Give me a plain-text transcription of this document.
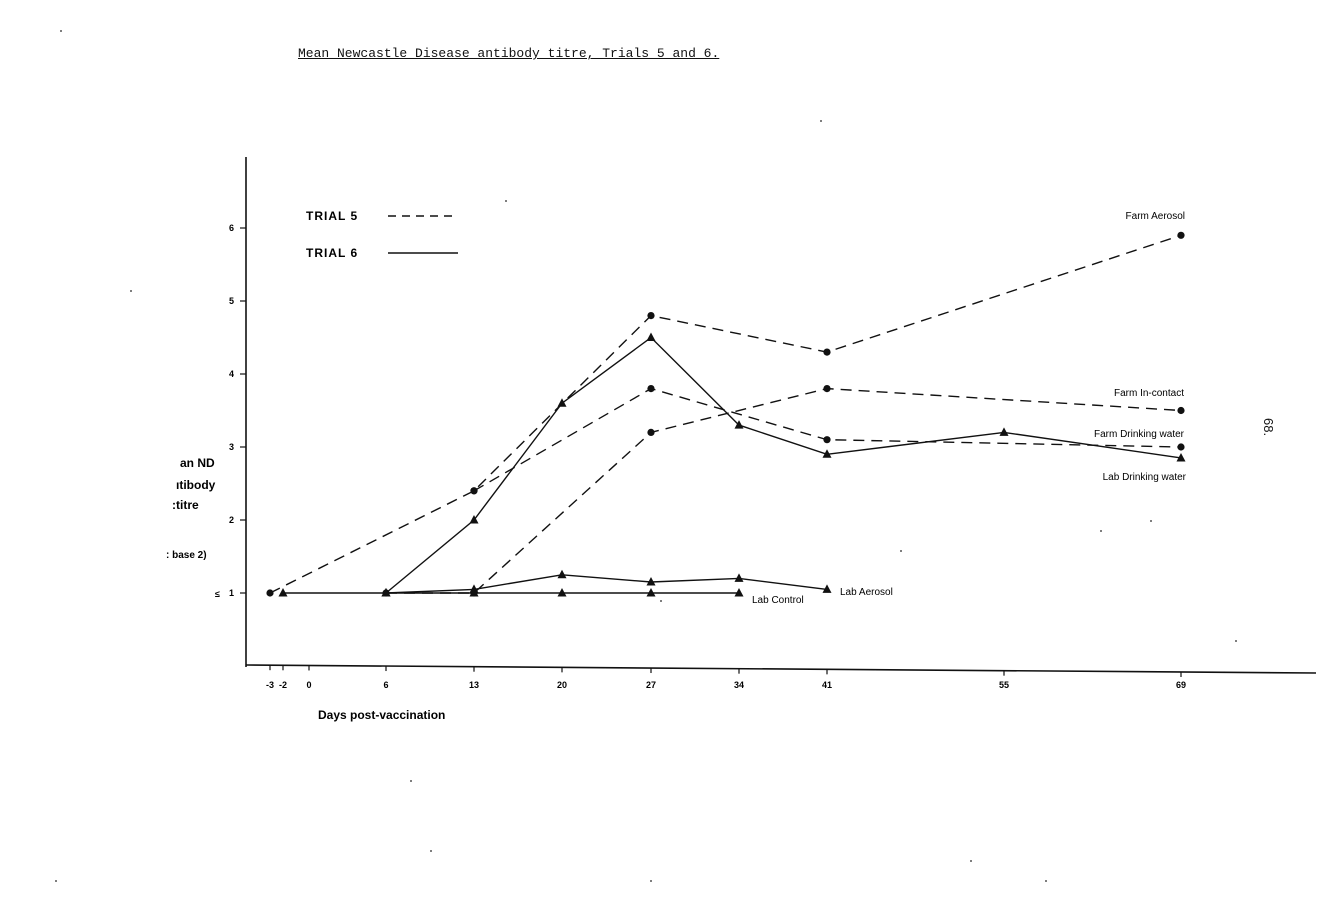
Mean Newcastle Disease antibody titre, Trials 5 and 6.
68.
1
2
3
4
5
6
≤
-3 -2 0	6	13	20	27	34	41	55	69
an ND
ıtibody
:titre
: base 2)
Farm Aerosol
Farm In-contact
Farm Drinking water
Lab Drinking water
Lab Aerosol
Lab Control
TRIAL 5
TRIAL 6
Days post-vaccination
